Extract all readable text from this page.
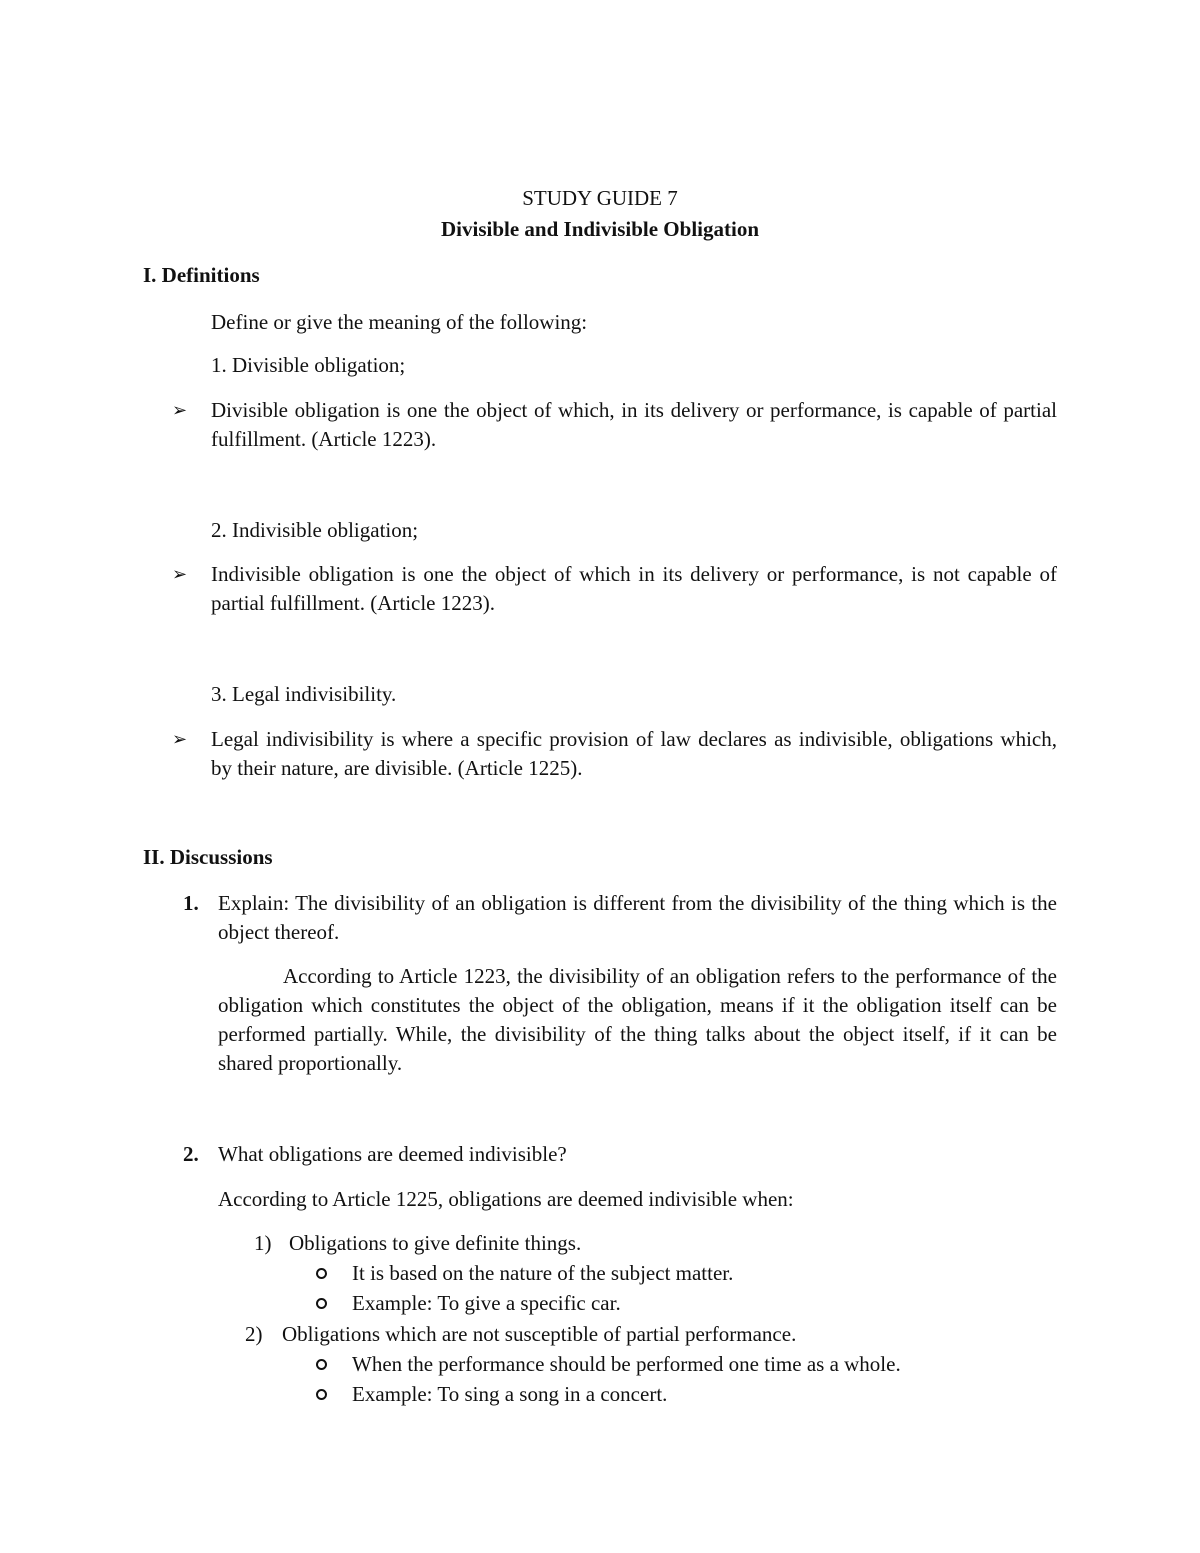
STUDY GUIDE 7
Divisible and Indivisible Obligation
I. Definitions
Define or give the meaning of the following:
1. Divisible obligation;
➢ Divisible obligation is one the object of which, in its delivery or performance, is capable of partial fulfillment. (Article 1223).
2. Indivisible obligation;
➢ Indivisible obligation is one the object of which in its delivery or performance, is not capable of partial fulfillment. (Article 1223).
3. Legal indivisibility.
➢ Legal indivisibility is where a specific provision of law declares as indivisible, obligations which, by their nature, are divisible. (Article 1225).
II. Discussions
1. Explain: The divisibility of an obligation is different from the divisibility of the thing which is the object thereof.
According to Article 1223, the divisibility of an obligation refers to the performance of the obligation which constitutes the object of the obligation, means if it the obligation itself can be performed partially. While, the divisibility of the thing talks about the object itself, if it can be shared proportionally.
2. What obligations are deemed indivisible?
According to Article 1225, obligations are deemed indivisible when:
1) Obligations to give definite things.
It is based on the nature of the subject matter.
Example: To give a specific car.
2) Obligations which are not susceptible of partial performance.
When the performance should be performed one time as a whole.
Example: To sing a song in a concert.
